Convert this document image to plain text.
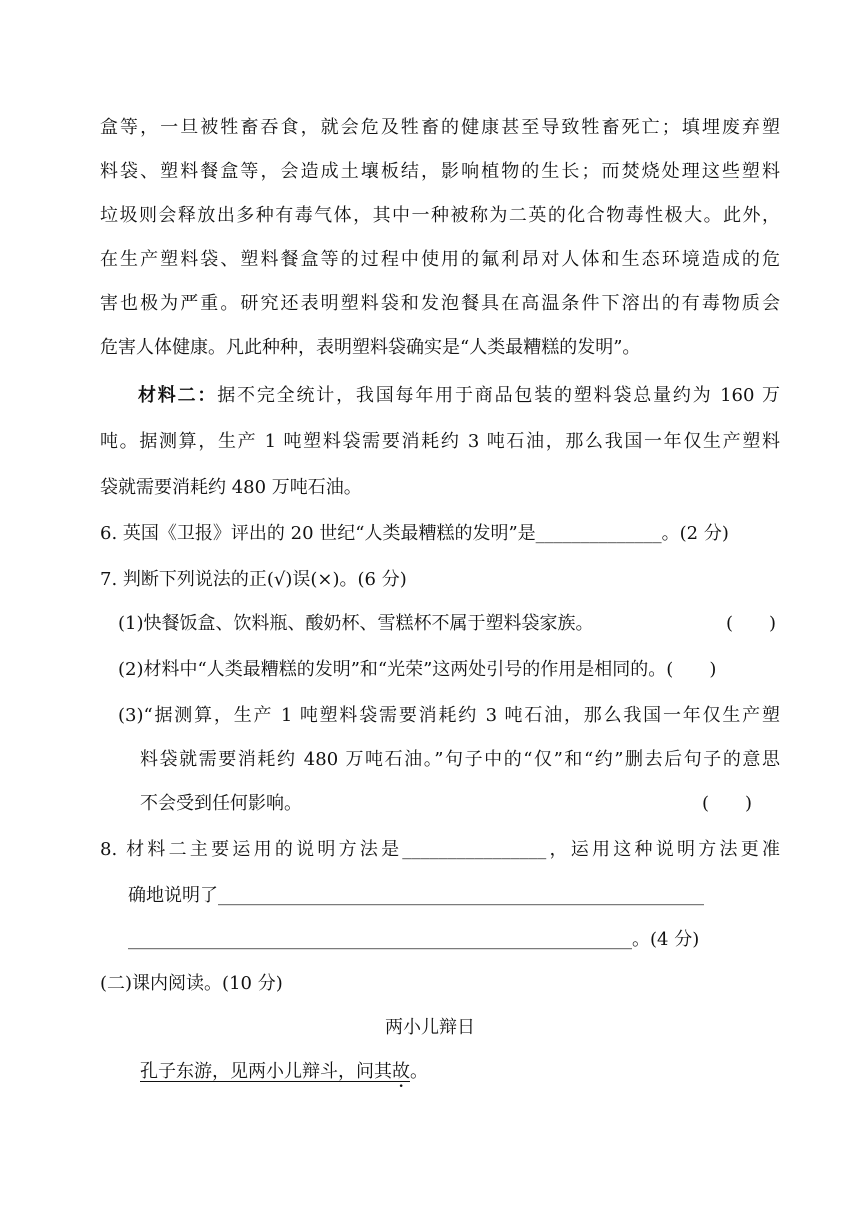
盒等，一旦被牲畜吞食，就会危及牲畜的健康甚至导致牲畜死亡；填埋废弃塑
料袋、塑料餐盒等，会造成土壤板结，影响植物的生长；而焚烧处理这些塑料
垃圾则会释放出多种有毒气体，其中一种被称为二英的化合物毒性极大。此外，
在生产塑料袋、塑料餐盒等的过程中使用的氟利昂对人体和生态环境造成的危
害也极为严重。研究还表明塑料袋和发泡餐具在高温条件下溶出的有毒物质会
危害人体健康。凡此种种，表明塑料袋确实是“人类最糟糕的发明”。
材料二：据不完全统计，我国每年用于商品包装的塑料袋总量约为 160 万
吨。据测算，生产 1 吨塑料袋需要消耗约 3 吨石油，那么我国一年仅生产塑料
袋就需要消耗约 480 万吨石油。
6. 英国《卫报》评出的 20 世纪“人类最糟糕的发明”是______________。(2 分)
7. 判断下列说法的正(√)误(×)。(6 分)
(1)快餐饭盒、饮料瓶、酸奶杯、雪糕杯不属于塑料袋家族。	(　　)
(2)材料中“人类最糟糕的发明”和“光荣”这两处引号的作用是相同的。(　　)
(3)“据测算，生产 1 吨塑料袋需要消耗约 3 吨石油，那么我国一年仅生产塑
料袋就需要消耗约 480 万吨石油。”句子中的“仅”和“约”删去后句子的意思
不会受到任何影响。	(　　)
8. 材料二主要运用的说明方法是________________，运用这种说明方法更准
确地说明了______________________________________________________
________________________________________________________。(4 分)
(二)课内阅读。(10 分)
两小儿辩日
孔子东游，见两小儿辩斗，问其故。
